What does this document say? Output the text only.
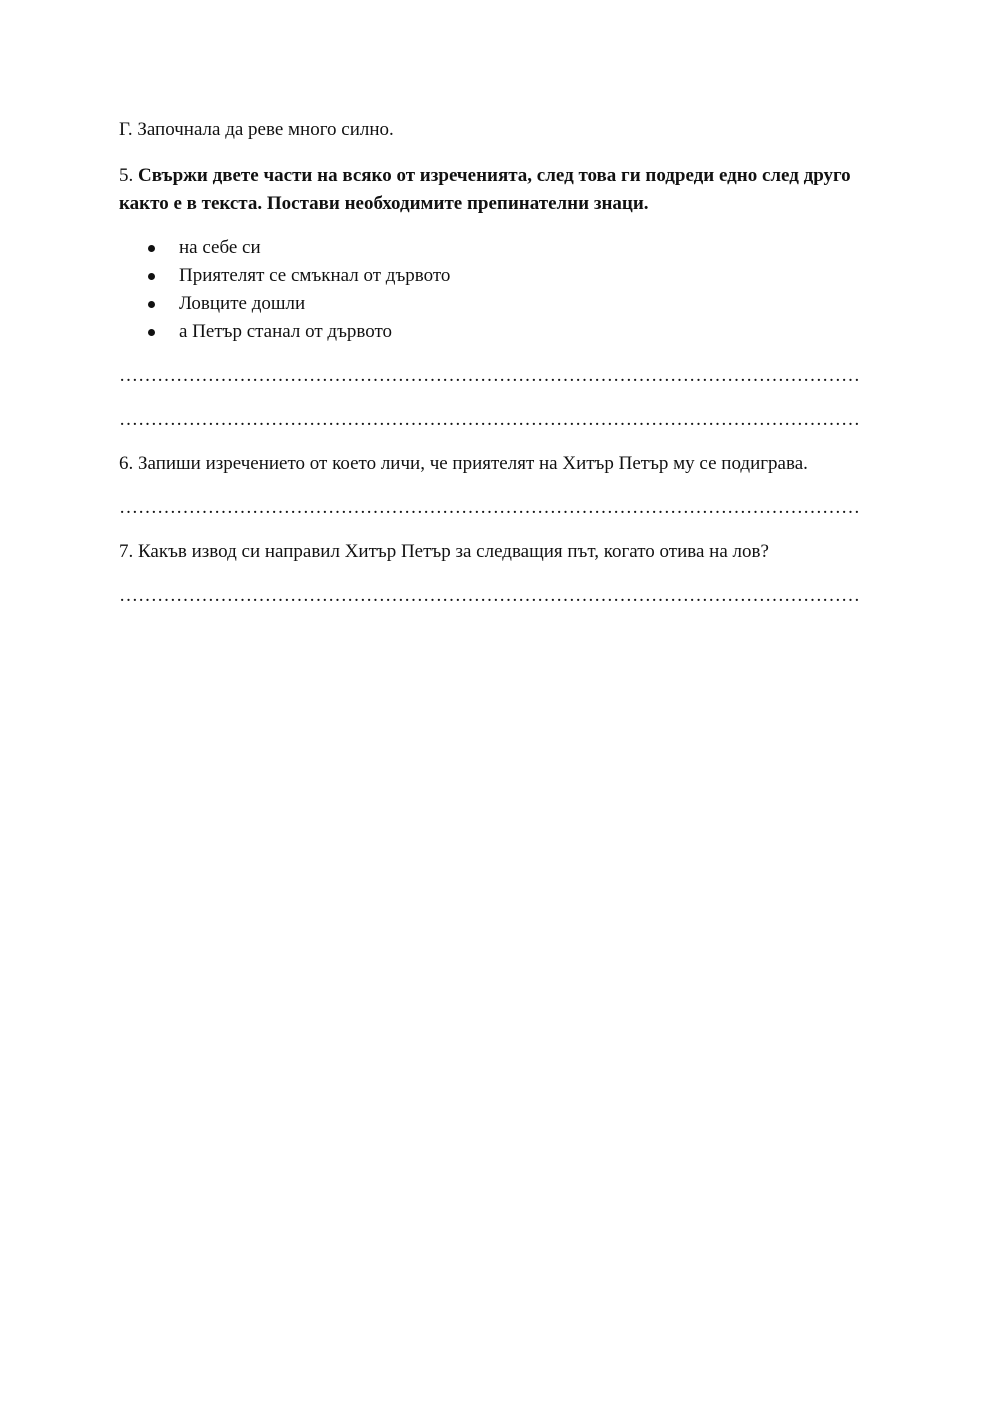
Г. Започнала да реве много силно.

5. Свържи двете части на всяко от изреченията, след това ги подреди едно след друго както е в текста. Постави необходимите препинателни знаци.

на себе си
Приятелят се смъкнал от дървото
Ловците дошли
а Петър станал от дървото
………………………………………………………………………………………………………
………………………………………………………………………………………………………

6. Запиши изречението от което личи, че приятелят на Хитър Петър му се подиграва.

………………………………………………………………………………………………………

7. Какъв извод си направил Хитър Петър за следващия път, когато отива на лов?

………………………………………………………………………………………………………
